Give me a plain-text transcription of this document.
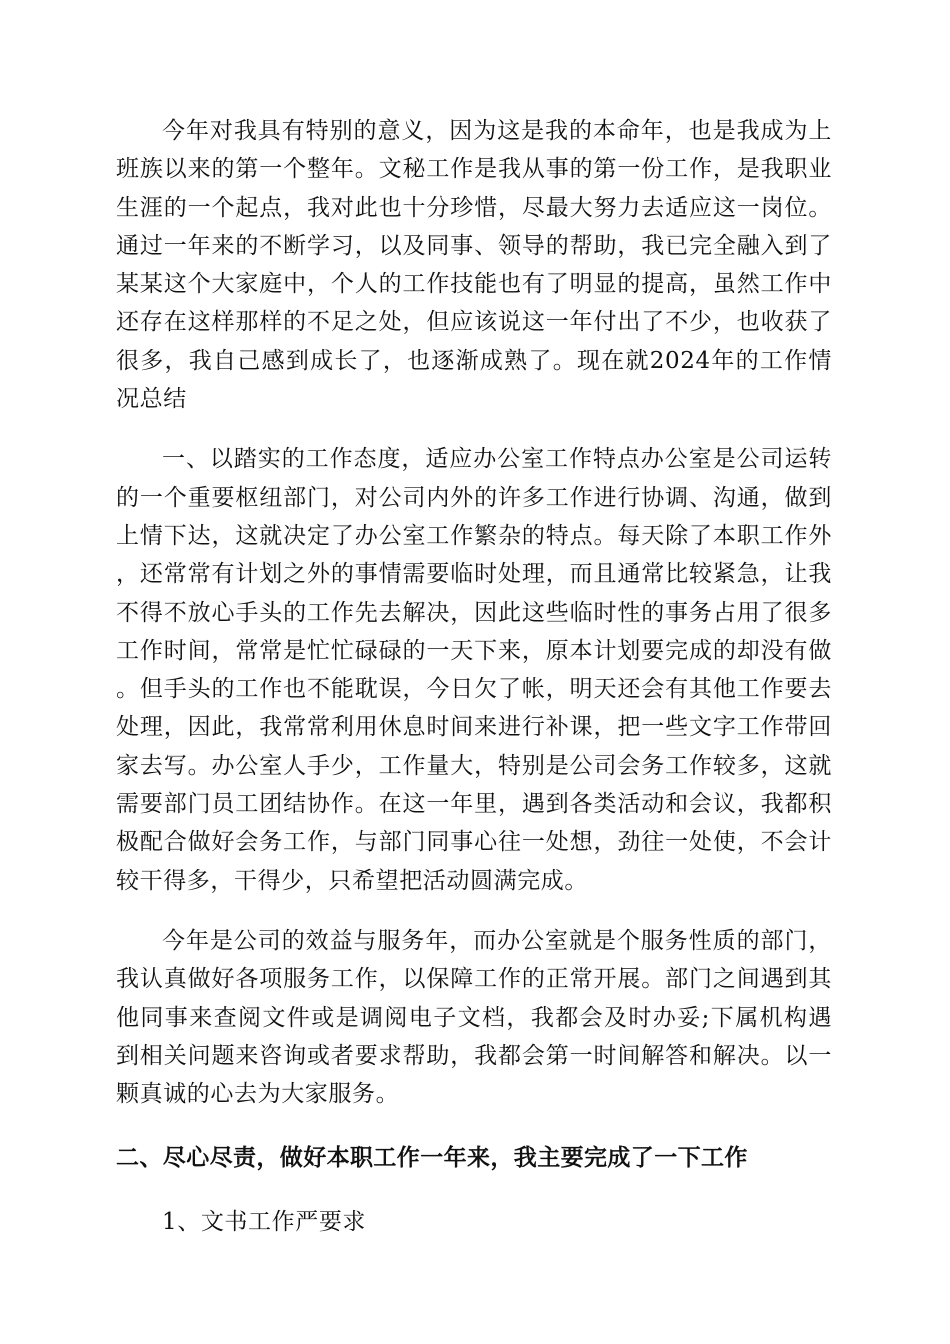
今年对我具有特别的意义，因为这是我的本命年，也是我成为上班族以来的第一个整年。文秘工作是我从事的第一份工作，是我职业生涯的一个起点，我对此也十分珍惜，尽最大努力去适应这一岗位。通过一年来的不断学习，以及同事、领导的帮助，我已完全融入到了某某这个大家庭中，个人的工作技能也有了明显的提高，虽然工作中还存在这样那样的不足之处，但应该说这一年付出了不少，也收获了很多，我自己感到成长了，也逐渐成熟了。现在就2024年的工作情况总结

一、以踏实的工作态度，适应办公室工作特点办公室是公司运转的一个重要枢纽部门，对公司内外的许多工作进行协调、沟通，做到上情下达，这就决定了办公室工作繁杂的特点。每天除了本职工作外，还常常有计划之外的事情需要临时处理，而且通常比较紧急，让我不得不放心手头的工作先去解决，因此这些临时性的事务占用了很多工作时间，常常是忙忙碌碌的一天下来，原本计划要完成的却没有做。但手头的工作也不能耽误，今日欠了帐，明天还会有其他工作要去处理，因此，我常常利用休息时间来进行补课，把一些文字工作带回家去写。办公室人手少，工作量大，特别是公司会务工作较多，这就需要部门员工团结协作。在这一年里，遇到各类活动和会议，我都积极配合做好会务工作，与部门同事心往一处想，劲往一处使，不会计较干得多，干得少，只希望把活动圆满完成。

今年是公司的效益与服务年，而办公室就是个服务性质的部门，我认真做好各项服务工作，以保障工作的正常开展。部门之间遇到其他同事来查阅文件或是调阅电子文档，我都会及时办妥;下属机构遇到相关问题来咨询或者要求帮助，我都会第一时间解答和解决。以一颗真诚的心去为大家服务。

二、尽心尽责，做好本职工作一年来，我主要完成了一下工作

1、文书工作严要求
